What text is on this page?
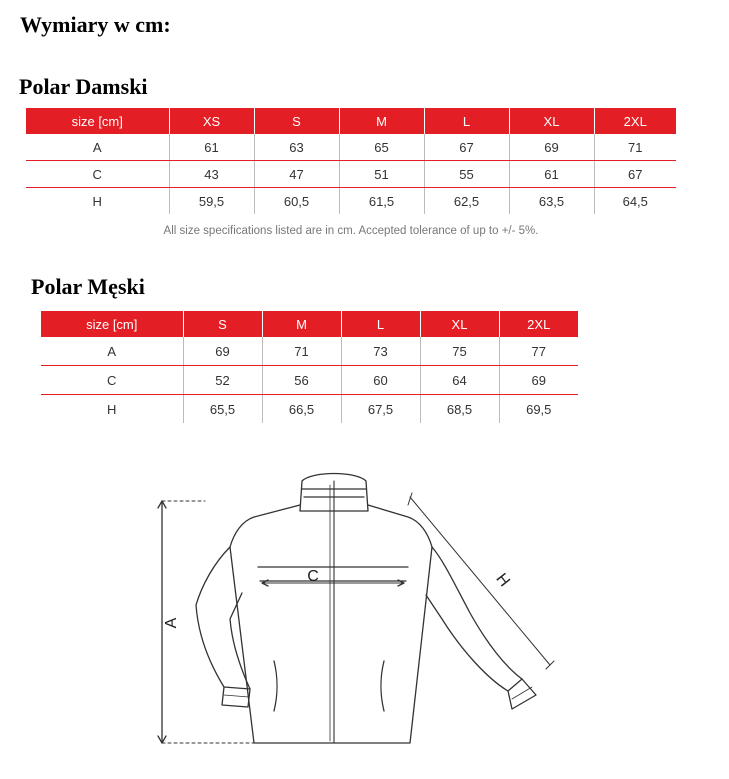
Wymiary w cm:
Polar Damski
size [cm]	XS	S	M	L	XL	2XL
A	61	63	65	67	69	71
C	43	47	51	55	61	67
H	59,5	60,5	61,5	62,5	63,5	64,5

All size specifications listed are in cm. Accepted tolerance of up to +/- 5%.

Polar Męski
size [cm]	S	M	L	XL	2XL
A	69	71	73	75	77
C	52	56	60	64	69
H	65,5	66,5	67,5	68,5	69,5
A
C	H
